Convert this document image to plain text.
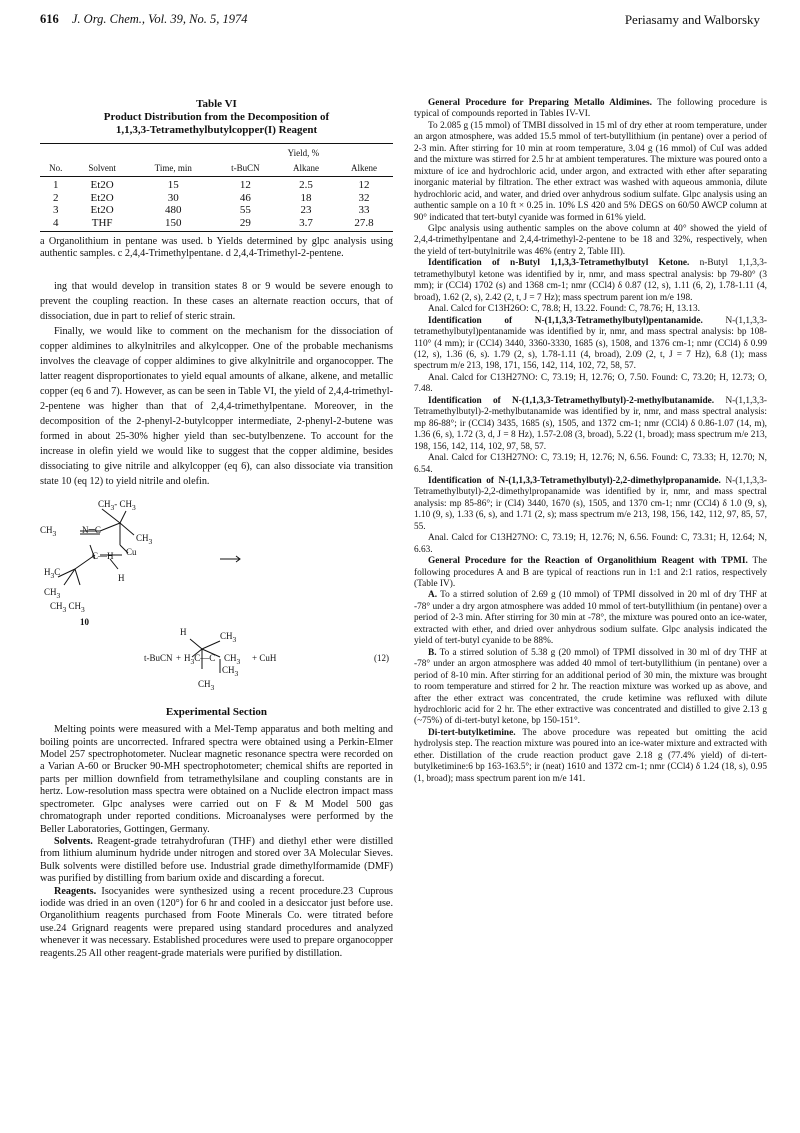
616 J. Org. Chem., Vol. 39, No. 5, 1974	Periasamy and Walborsky
Table VI
Product Distribution from the Decomposition of
1,1,3,3-Tetramethylbutylcopper(I) Reagent
			Yield, %		
No.	Solvent	Time, min	t-BuCN	Alkane	Alkene
1	Et2O	15	12	2.5	12
2	Et2O	30	46	18	32
3	Et2O	480	55	23	33
4	THF	150	29	3.7	27.8
a Organolithium in pentane was used. b Yields determined by glpc analysis using authentic samples. c 2,4,4-Trimethylpentane. d 2,4,4-Trimethyl-2-pentene.

ing that would develop in transition states 8 or 9 would be severe enough to prevent the coupling reaction. In these cases an alternate reaction occurs, that of dissociation, due in part to relief of steric strain.

Finally, we would like to comment on the mechanism for the dissociation of copper aldimines to alkylnitriles and alkylcopper. One of the probable mechanisms involves the cleavage of copper aldimines to give alkylnitrile and organocopper. The latter reagent disproportionates to yield equal amounts of alkane, alkene, and metallic copper (eq 6 and 7). However, as can be seen in Table VI, the yield of 2,4,4-trimethyl-2-pentene was higher than that of 2,4,4-trimethylpentane. Moreover, in the decomposition of the 2-phenyl-2-butylcopper intermediate, 2-phenyl-2-butene was formed in about 25-30% higher yield than sec-butylbenzene. To account for the increase in olefin yield we would like to suggest that the copper aldimine, besides dissociating to give nitrile and alkylcopper (eq 6), can also dissociate via transition state 10 (eq 12) to yield nitrile and olefin.

$CH_3‑$ $CH_3$
$CH_3$	N═C
$CH_3$
Cu
$H_3C$
C—H
$CH_3$
H
$CH_3$ $CH_3$
10
H	$CH_3$
t-BuCN + $H_3C—C$ $CH_3$ + CuH
$CH_3$
$CH_3$
(12)
Experimental Section

Melting points were measured with a Mel-Temp apparatus and both melting and boiling points are uncorrected. Infrared spectra were obtained using a Perkin-Elmer Model 257 spectrophotometer. Nuclear magnetic resonance spectra were recorded on a Varian A-60 or Brucker 90-MH spectrophotometer; chemical shifts are reported in parts per million downfield from tetramethylsilane and coupling constants are in hertz. Low-resolution mass spectra were obtained on a Nuclide electron impact mass spectrometer. Glpc analyses were carried out on F & M Model 500 gas chromatograph under reported conditions. Microanalyses were performed by the Beller Laboratories, Gottingen, Germany.

Solvents. Reagent-grade tetrahydrofuran (THF) and diethyl ether were distilled from lithium aluminum hydride under nitrogen and stored over 3A Molecular Sieves. Bulk solvents were distilled before use. Industrial grade dimethylformamide (DMF) was purified by distilling from barium oxide and discarding a forecut.

Reagents. Isocyanides were synthesized using a recent procedure.23 Cuprous iodide was dried in an oven (120°) for 6 hr and cooled in a desiccator just before use. Organolithium reagents purchased from Foote Minerals Co. were titrated before use.24 Grignard reagents were prepared using standard procedures and analyzed whenever it was necessary. Established procedures were used to prepare organocopper reagents.25 All other reagent-grade materials were purified by distillation.

General Procedure for Preparing Metallo Aldimines. The following procedure is typical of compounds reported in Tables IV-VI.

To 2.085 g (15 mmol) of TMBI dissolved in 15 ml of dry ether at room temperature, under an argon atmosphere, was added 15.5 mmol of tert-butyllithium (in pentane) over a period of 2-3 min. After stirring for 10 min at room temperature, 3.04 g (16 mmol) of CuI was added and the mixture was stirred for 2.5 hr at ambient temperatures. The mixture was poured onto a mixture of ice and hydrochloric acid, under argon, and extracted with ether after separating inorganic material by filtration. The ether extract was washed with aqueous ammonia, dilute hydrochloric acid, and water, and dried over anhydrous sodium sulfate. Glpc analysis using an authentic sample on a 10 ft × 0.25 in. 10% LS 420 and 5% DEGS on 60/50 AWCP column at 90° indicated that tert-butyl cyanide was formed in 61% yield.

Glpc analysis using authentic samples on the above column at 40° showed the yield of 2,4,4-trimethylpentane and 2,4,4-trimethyl-2-pentene to be 18 and 32%, respectively, when the yield of tert-butylnitrile was 46% (entry 2, Table III).

Identification of n-Butyl 1,1,3,3-Tetramethylbutyl Ketone. n-Butyl 1,1,3,3-tetramethylbutyl ketone was identified by ir, nmr, and mass spectral analysis: bp 79-80° (3 mm); ir (CCl4) 1702 (s) and 1368 cm-1; nmr (CCl4) δ 0.87 (12, s), 1.11 (6, 2), 1.78-1.11 (4, broad), 1.62 (2, s), 2.42 (2, t, J = 7 Hz); mass spectrum parent ion m/e 198.

Anal. Calcd for C13H26O: C, 78.8; H, 13.22. Found: C, 78.76; H, 13.13.

Identification of N-(1,1,3,3-Tetramethylbutyl)pentanamide. N-(1,1,3,3-tetramethylbutyl)pentanamide was identified by ir, nmr, and mass spectral analysis: bp 108-110° (4 mm); ir (CCl4) 3440, 3360-3330, 1685 (s), 1508, and 1376 cm-1; nmr (CCl4) δ 0.99 (12, s), 1.36 (6, s). 1.79 (2, s), 1.78-1.11 (4, broad), 2.09 (2, t, J = 7 Hz), 6.8 (1); mass spectrum m/e 213, 198, 171, 156, 142, 114, 102, 72, 58, 57.

Anal. Calcd for C13H27NO: C, 73.19; H, 12.76; O, 7.50. Found: C, 73.20; H, 12.73; O, 7.48.

Identification of N-(1,1,3,3-Tetramethylbutyl)-2-methylbutanamide. N-(1,1,3,3-Tetramethylbutyl)-2-methylbutanamide was identified by ir, nmr, and mass spectral analysis: mp 86-88°; ir (CCl4) 3435, 1685 (s), 1505, and 1372 cm-1; nmr (CCl4) δ 0.86-1.07 (14, m), 1.36 (6, s), 1.72 (3, d, J = 8 Hz), 1.57-2.08 (3, broad), 5.22 (1, broad); mass spectrum m/e 213, 198, 156, 142, 114, 102, 97, 58, 57.

Anal. Calcd for C13H27NO: C, 73.19; H, 12.76; N, 6.56. Found: C, 73.33; H, 12.70; N, 6.54.

Identification of N-(1,1,3,3-Tetramethylbutyl)-2,2-dimethylpropanamide. N-(1,1,3,3-Tetramethylbutyl)-2,2-dimethylpropanamide was identified by ir, nmr, and mass spectral analysis: mp 85-86°; ir (Cl4) 3440, 1670 (s), 1505, and 1370 cm-1; nmr (CCl4) δ 1.0 (9, s), 1.10 (9, s), 1.33 (6, s), and 1.71 (2, s); mass spectrum m/e 213, 198, 156, 142, 112, 97, 85, 57, 55.

Anal. Calcd for C13H27NO: C, 73.19; H, 12.76; N, 6.56. Found: C, 73.31; H, 12.64; N, 6.63.

General Procedure for the Reaction of Organolithium Reagent with TPMI. The following procedures A and B are typical of reactions run in 1:1 and 2:1 ratios, respectively (Table IV).

A. To a stirred solution of 2.69 g (10 mmol) of TPMI dissolved in 20 ml of dry THF at -78° under a dry argon atmosphere was added 10 mmol of tert-butyllithium (in pentane) over a period of 2-3 min. After stirring for 30 min at -78°, the mixture was poured onto an ice-water, extracted with ether, and dried over anhydrous sodium sulfate. Glpc analysis indicated the yield of tert-butyl cyanide to be 88%.

B. To a stirred solution of 5.38 g (20 mmol) of TPMI dissolved in 30 ml of dry THF at -78° under an argon atmosphere was added 40 mmol of tert-butyllithium (in pentane) over a period of 8-10 min. After stirring for an additional period of 30 min, the mixture was brought to room temperature and stirred for 2 hr. The reaction mixture was worked up as above, and after the ether extract was concentrated, the crude ketimine was refluxed with dilute hydrochloric acid for 2 hr. The ether extractive was concentrated and distilled to give 2.13 g (~75%) of di-tert-butyl ketone, bp 150-151°.

Di-tert-butylketimine. The above procedure was repeated but omitting the acid hydrolysis step. The reaction mixture was poured into an ice-water mixture and extracted with ether. Distillation of the crude reaction product gave 2.18 g (77.4% yield) of di-tert-butylketimine:6 bp 163-163.5°; ir (neat) 1610 and 1372 cm-1; nmr (CCl4) δ 1.24 (18, s), 0.95 (1, broad); mass spectrum parent ion m/e 141.
